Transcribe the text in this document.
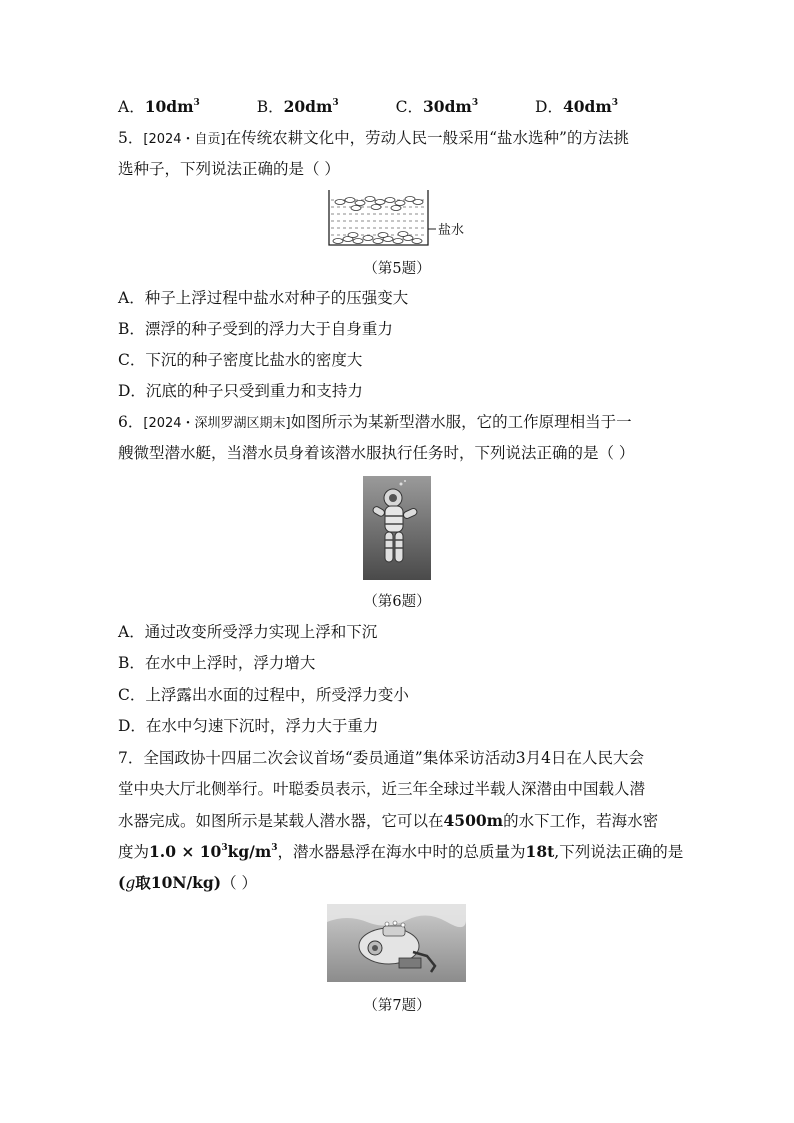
A．$10dm^3$	B．$20dm^3$	C．$30dm^3$	D．$40dm^3$
5．[2024・自贡]在传统农耕文化中，劳动人民一般采用“盐水选种”的方法挑
选种子，下列说法正确的是（ ）
盐水
（第5题）
A．种子上浮过程中盐水对种子的压强变大
B．漂浮的种子受到的浮力大于自身重力
C．下沉的种子密度比盐水的密度大
D．沉底的种子只受到重力和支持力
6．[2024・深圳罗湖区期末]如图所示为某新型潜水服，它的工作原理相当于一
艘微型潜水艇，当潜水员身着该潜水服执行任务时，下列说法正确的是（ ）
（第6题）
A．通过改变所受浮力实现上浮和下沉
B．在水中上浮时，浮力增大
C．上浮露出水面的过程中，所受浮力变小
D．在水中匀速下沉时，浮力大于重力
7．全国政协十四届二次会议首场“委员通道”集体采访活动3月4日在人民大会
堂中央大厅北侧举行。叶聪委员表示，近三年全球过半载人深潜由中国载人潜
水器完成。如图所示是某载人潜水器，它可以在4500m的水下工作，若海水密
度为$1.0 \times 10^3kg/m^3$，潜水器悬浮在海水中时的总质量为18t,下列说法正确的是
(g取10N/kg)（ ）
（第7题）
